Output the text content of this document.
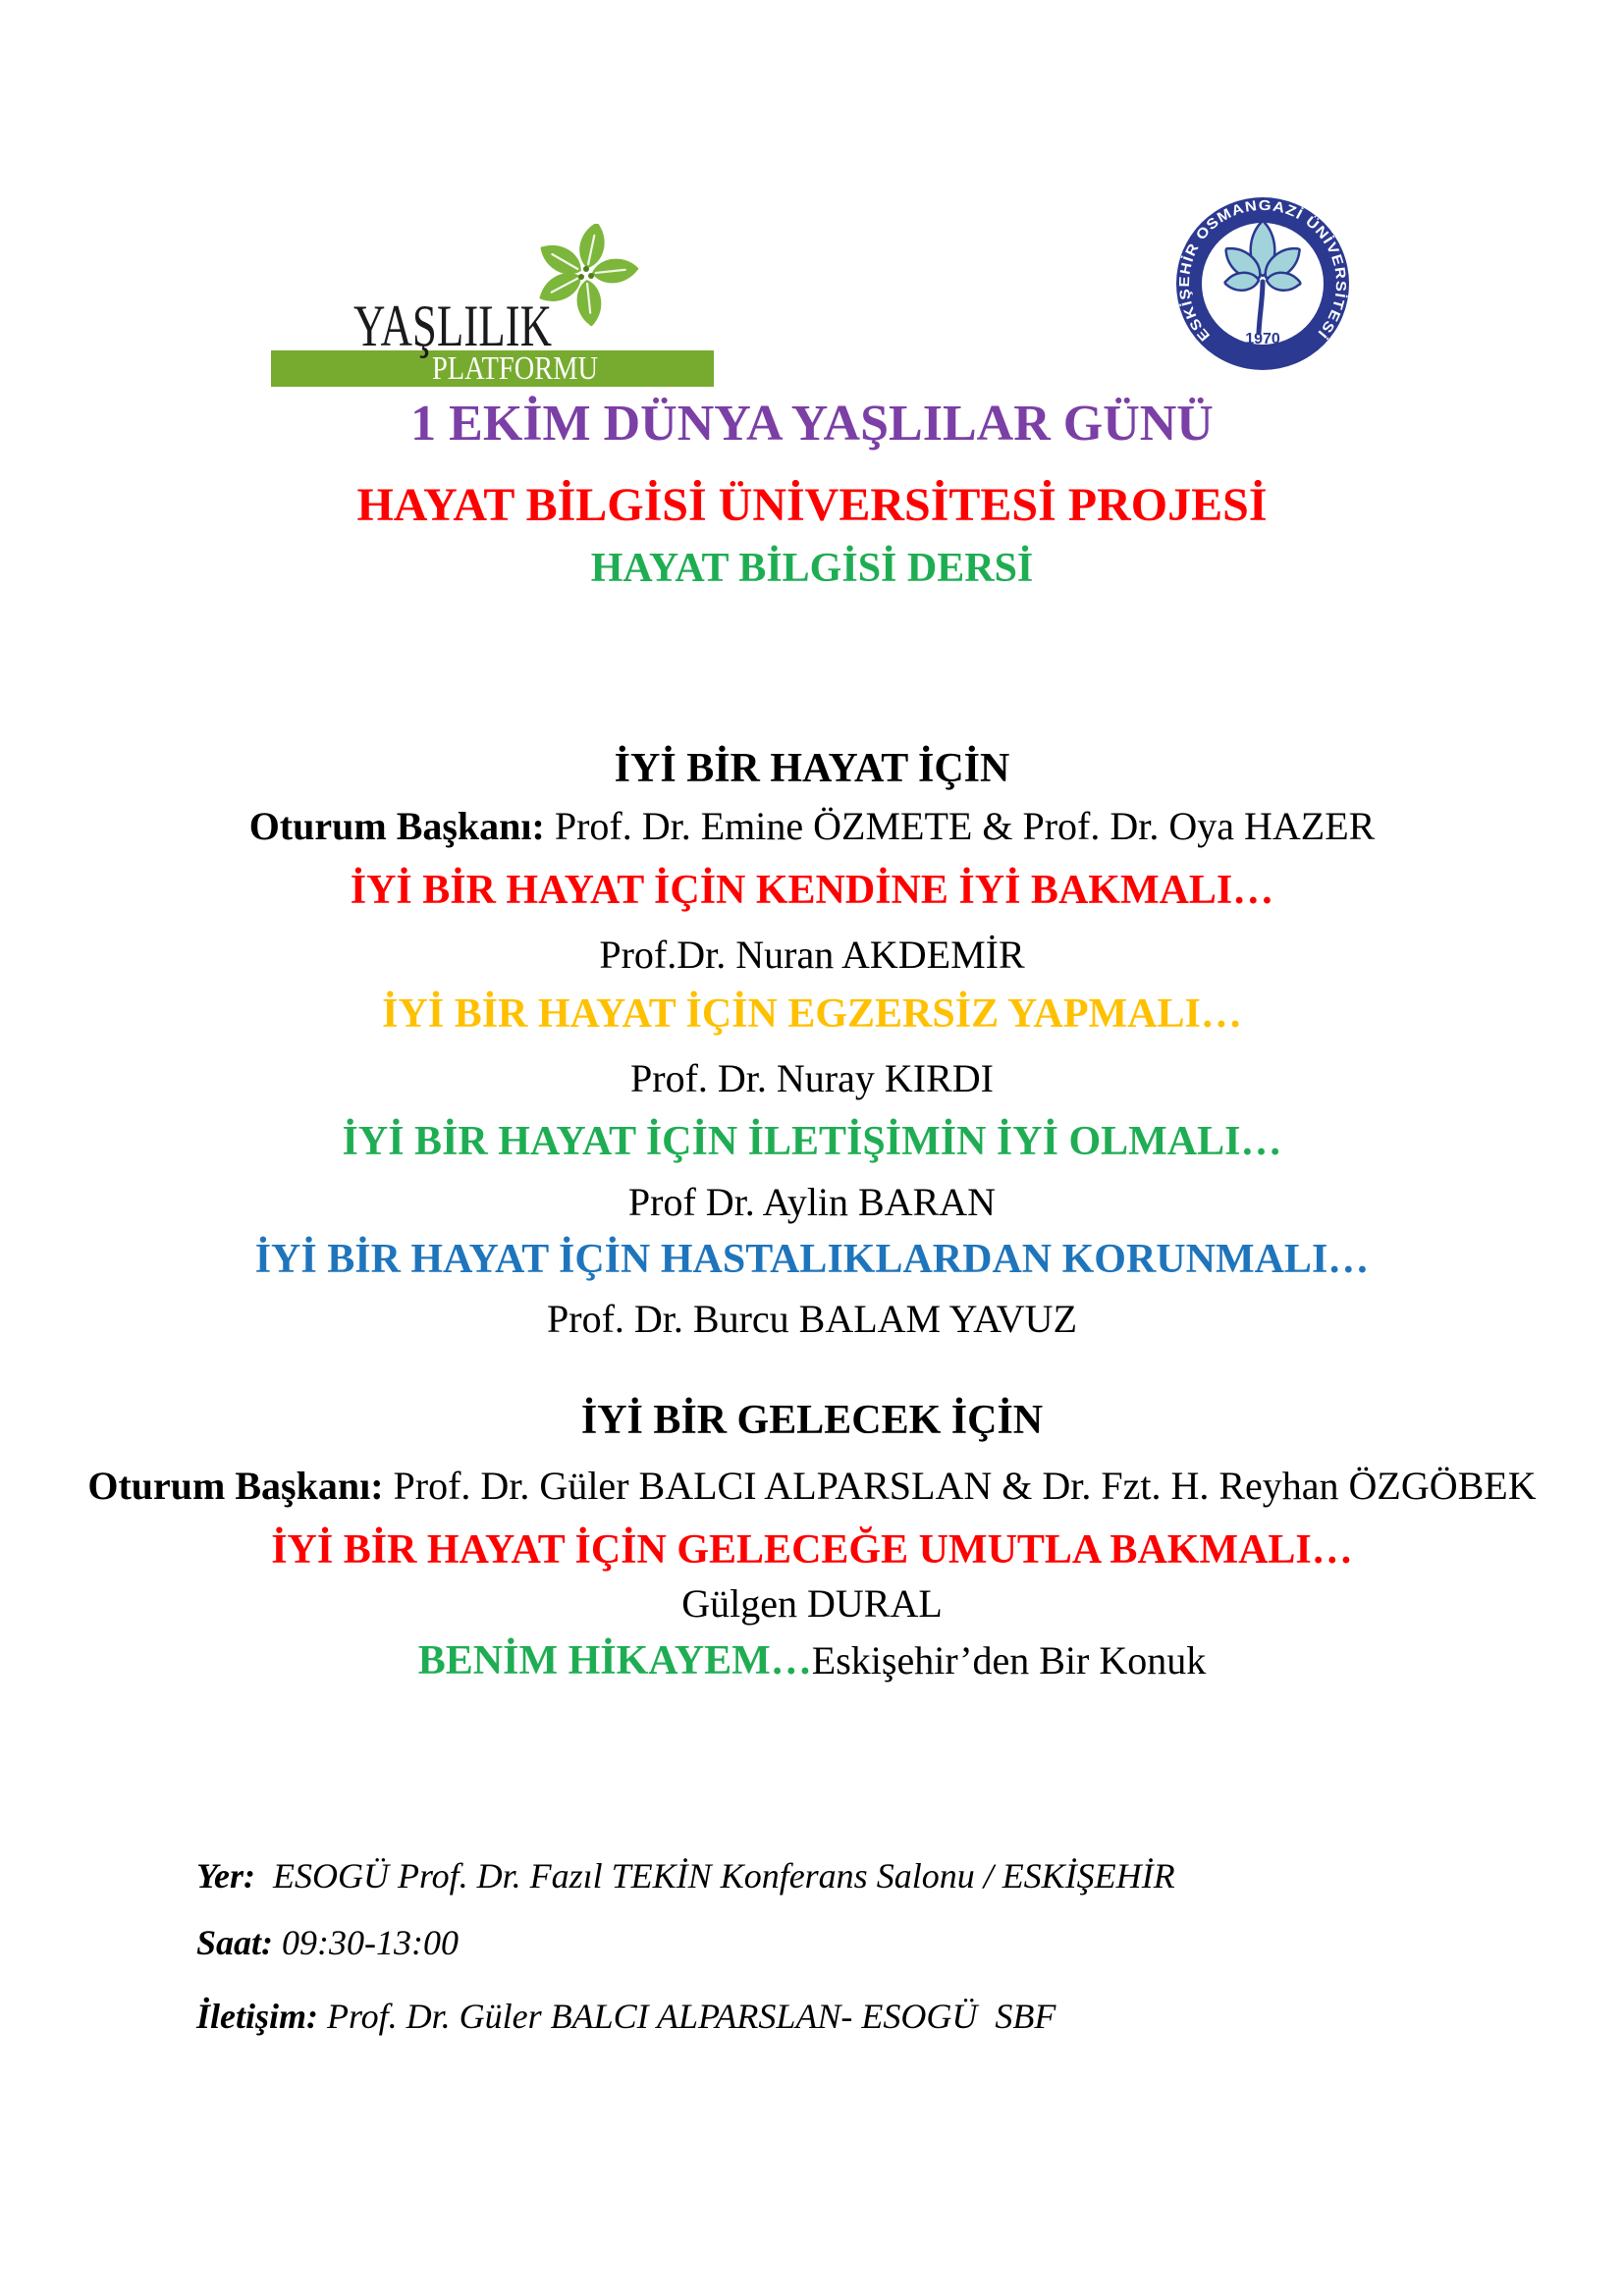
YAŞLILIK
PLATFORMU
ESKİŞEHİR OSMANGAZİ ÜNİVERSİTESİ
1970
1 EKİM DÜNYA YAŞLILAR GÜNÜ
HAYAT BİLGİSİ ÜNİVERSİTESİ PROJESİ
HAYAT BİLGİSİ DERSİ
İYİ BİR HAYAT İÇİN
Oturum Başkanı: Prof. Dr. Emine ÖZMETE & Prof. Dr. Oya HAZER
İYİ BİR HAYAT İÇİN KENDİNE İYİ BAKMALI…
Prof.Dr. Nuran AKDEMİR
İYİ BİR HAYAT İÇİN EGZERSİZ YAPMALI…
Prof. Dr. Nuray KIRDI
İYİ BİR HAYAT İÇİN İLETİŞİMİN İYİ OLMALI…
Prof Dr. Aylin BARAN
İYİ BİR HAYAT İÇİN HASTALIKLARDAN KORUNMALI…
Prof. Dr. Burcu BALAM YAVUZ
İYİ BİR GELECEK İÇİN
Oturum Başkanı: Prof. Dr. Güler BALCI ALPARSLAN & Dr. Fzt. H. Reyhan ÖZGÖBEK
İYİ BİR HAYAT İÇİN GELECEĞE UMUTLA BAKMALI…
Gülgen DURAL
BENİM HİKAYEM…Eskişehir’den Bir Konuk
Yer:  ESOGÜ Prof. Dr. Fazıl TEKİN Konferans Salonu / ESKİŞEHİR
Saat: 09:30-13:00
İletişim: Prof. Dr. Güler BALCI ALPARSLAN- ESOGÜ  SBF
